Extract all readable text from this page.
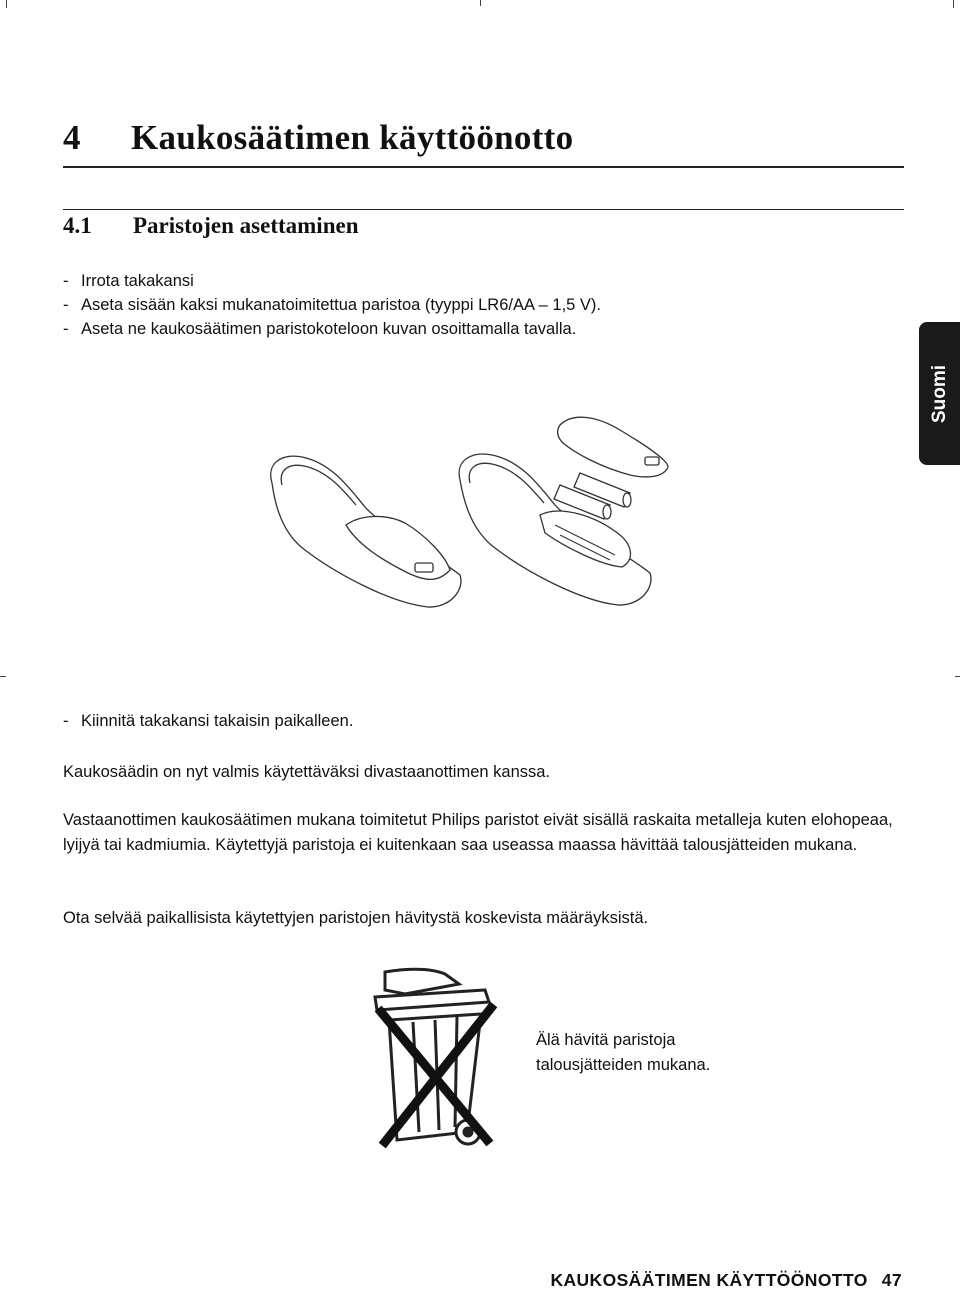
4 Kaukosäätimen käyttöönotto
4.1 Paristojen asettaminen
- Irrota takakansi
- Aseta sisään kaksi mukanatoimitettua paristoa (tyyppi LR6/AA – 1,5 V).
- Aseta ne kaukosäätimen paristokoteloon kuvan osoittamalla tavalla.
Suomi
- Kiinnitä takakansi takaisin paikalleen.
Kaukosäädin on nyt valmis käytettäväksi divastaanottimen kanssa.
Vastaanottimen kaukosäätimen mukana toimitetut Philips paristot eivät sisällä raskaita metalleja kuten elohopeaa, lyijyä tai kadmiumia. Käytettyjä paristoja ei kuitenkaan saa useassa maassa hävittää talousjätteiden mukana.
Ota selvää paikallisista käytettyjen paristojen hävitystä koskevista määräyksistä.
Älä hävitä paristoja
talousjätteiden mukana.
KAUKOSÄÄTIMEN KÄYTTÖÖNOTTO 47
